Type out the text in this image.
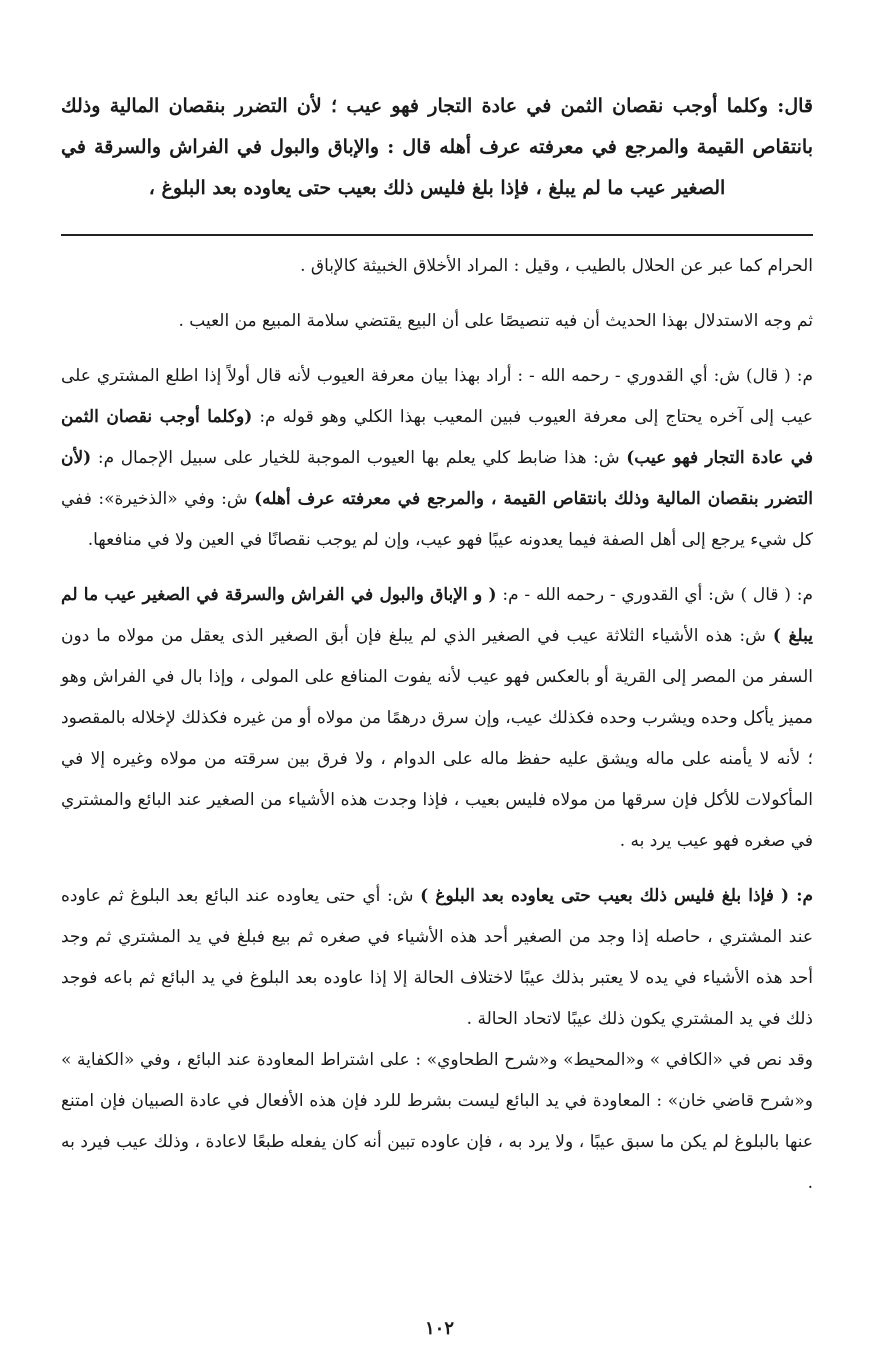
قال: وكلما أوجب نقصان الثمن في عادة التجار فهو عيب ؛ لأن التضرر بنقصان المالية وذلك بانتقاص القيمة والمرجع في معرفته عرف أهله قال : والإباق والبول في الفراش والسرقة في الصغير عيب ما لم يبلغ ، فإذا بلغ فليس ذلك بعيب حتى يعاوده بعد البلوغ ،

الحرام كما عبر عن الحلال بالطيب ، وقيل : المراد الأخلاق الخبيثة كالإباق .

ثم وجه الاستدلال بهذا الحديث أن فيه تنصيصًا على أن البيع يقتضي سلامة المبيع من العيب .

م: ( قال) ش: أي القدوري - رحمه الله - : أراد بهذا بيان معرفة العيوب لأنه قال أولاً إذا اطلع المشتري على عيب إلى آخره يحتاج إلى معرفة العيوب فبين المعيب بهذا الكلي وهو قوله م: (وكلما أوجب نقصان الثمن في عادة التجار فهو عيب) ش: هذا ضابط كلي يعلم بها العيوب الموجبة للخيار على سبيل الإجمال م: (لأن التضرر بنقصان المالية وذلك بانتقاص القيمة ، والمرجع في معرفته عرف أهله) ش: وفي «الذخيرة»: ففي كل شيء يرجع إلى أهل الصفة فيما يعدونه عيبًا فهو عيب، وإن لم يوجب نقصانًا في العين ولا في منافعها.

م: ( قال ) ش: أي القدوري - رحمه الله - م: ( و الإباق والبول في الفراش والسرقة في الصغير عيب ما لم يبلغ ) ش: هذه الأشياء الثلاثة عيب في الصغير الذي لم يبلغ فإن أبق الصغير الذى يعقل من مولاه ما دون السفر من المصر إلى القرية أو بالعكس فهو عيب لأنه يفوت المنافع على المولى ، وإذا بال في الفراش وهو مميز يأكل وحده ويشرب وحده فكذلك عيب، وإن سرق درهمًا من مولاه أو من غيره فكذلك لإخلاله بالمقصود ؛ لأنه لا يأمنه على ماله ويشق عليه حفظ ماله على الدوام ، ولا فرق بين سرقته من مولاه وغيره إلا في المأكولات للأكل فإن سرقها من مولاه فليس بعيب ، فإذا وجدت هذه الأشياء من الصغير عند البائع والمشتري في صغره فهو عيب يرد به .

م: ( فإذا بلغ فليس ذلك بعيب حتى يعاوده بعد البلوغ ) ش: أي حتى يعاوده عند البائع بعد البلوغ ثم عاوده عند المشتري ، حاصله إذا وجد من الصغير أحد هذه الأشياء في صغره ثم بيع فبلغ في يد المشتري ثم وجد أحد هذه الأشياء في يده لا يعتبر بذلك عيبًا لاختلاف الحالة إلا إذا عاوده بعد البلوغ في يد البائع ثم باعه فوجد ذلك في يد المشتري يكون ذلك عيبًا لاتحاد الحالة .

وقد نص في «الكافي » و«المحيط» و«شرح الطحاوي» : على اشتراط المعاودة عند البائع ، وفي «الكفاية » و«شرح قاضي خان» : المعاودة في يد البائع ليست بشرط للرد فإن هذه الأفعال في عادة الصبيان فإن امتنع عنها بالبلوغ لم يكن ما سبق عيبًا ، ولا يرد به ، فإن عاوده تبين أنه كان يفعله طبعًا لاعادة ، وذلك عيب فيرد به .

١٠٢
